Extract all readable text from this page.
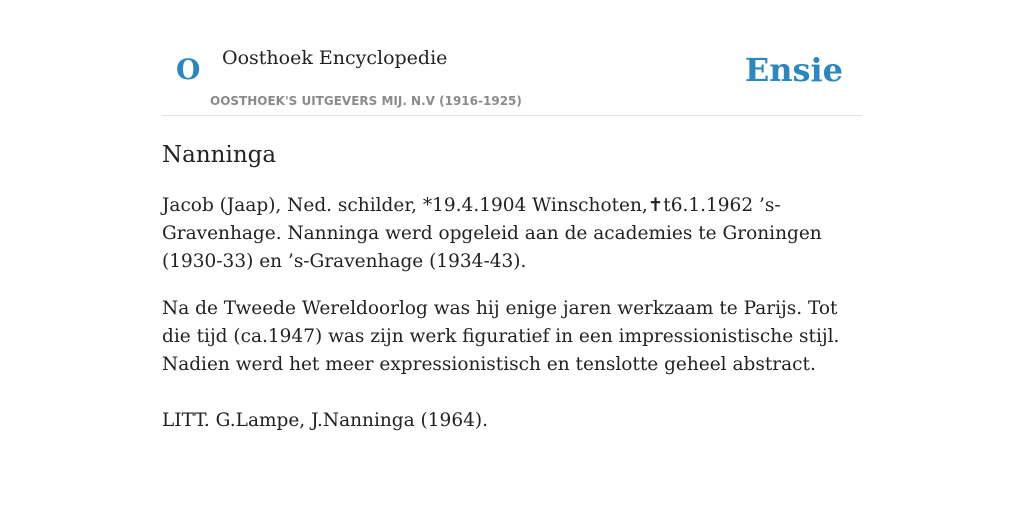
O Oosthoek Encyclopedie	Ensie
OOSTHOEK'S UITGEVERS MIJ. N.V (1916-1925)
Nanninga

Jacob (Jaap), Ned. schilder, *19.4.1904 Winschoten,✝t6.1.1962 ’s-Gravenhage. Nanninga werd opgeleid aan de academies te Groningen (1930-33) en ’s-Gravenhage (1934-43).

Na de Tweede Wereldoorlog was hij enige jaren werkzaam te Parijs. Tot die tijd (ca.1947) was zijn werk figuratief in een impressionistische stijl. Nadien werd het meer expressionistisch en tenslotte geheel abstract.

LITT. G.Lampe, J.Nanninga (1964).
